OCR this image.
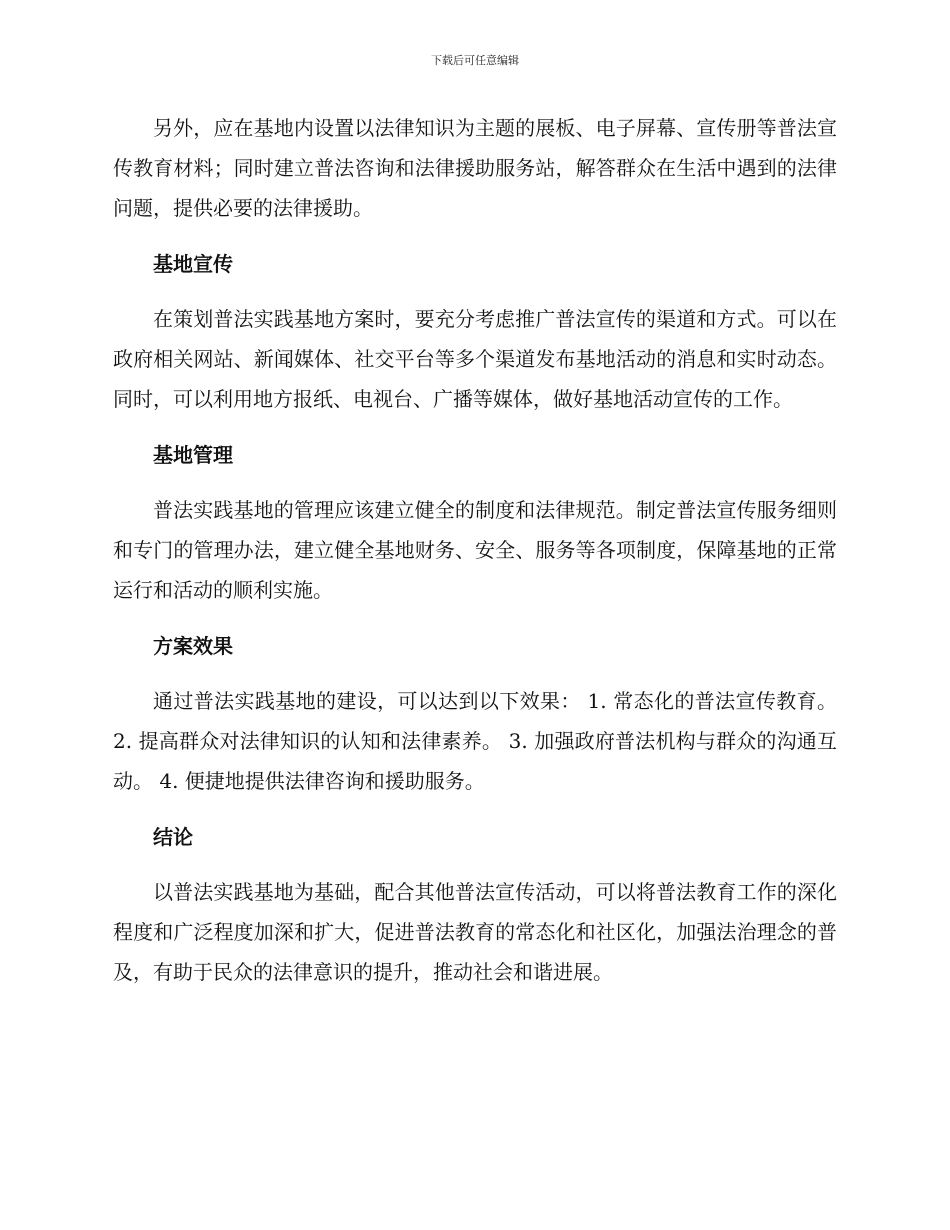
下载后可任意编辑

另外，应在基地内设置以法律知识为主题的展板、电子屏幕、宣传册等普法宣传教育材料；同时建立普法咨询和法律援助服务站，解答群众在生活中遇到的法律问题，提供必要的法律援助。

基地宣传

在策划普法实践基地方案时，要充分考虑推广普法宣传的渠道和方式。可以在政府相关网站、新闻媒体、社交平台等多个渠道发布基地活动的消息和实时动态。同时，可以利用地方报纸、电视台、广播等媒体，做好基地活动宣传的工作。

基地管理

普法实践基地的管理应该建立健全的制度和法律规范。制定普法宣传服务细则和专门的管理办法，建立健全基地财务、安全、服务等各项制度，保障基地的正常运行和活动的顺利实施。

方案效果

通过普法实践基地的建设，可以达到以下效果： 1. 常态化的普法宣传教育。 2. 提高群众对法律知识的认知和法律素养。 3. 加强政府普法机构与群众的沟通互动。 4. 便捷地提供法律咨询和援助服务。

结论

以普法实践基地为基础，配合其他普法宣传活动，可以将普法教育工作的深化程度和广泛程度加深和扩大，促进普法教育的常态化和社区化，加强法治理念的普及，有助于民众的法律意识的提升，推动社会和谐进展。
